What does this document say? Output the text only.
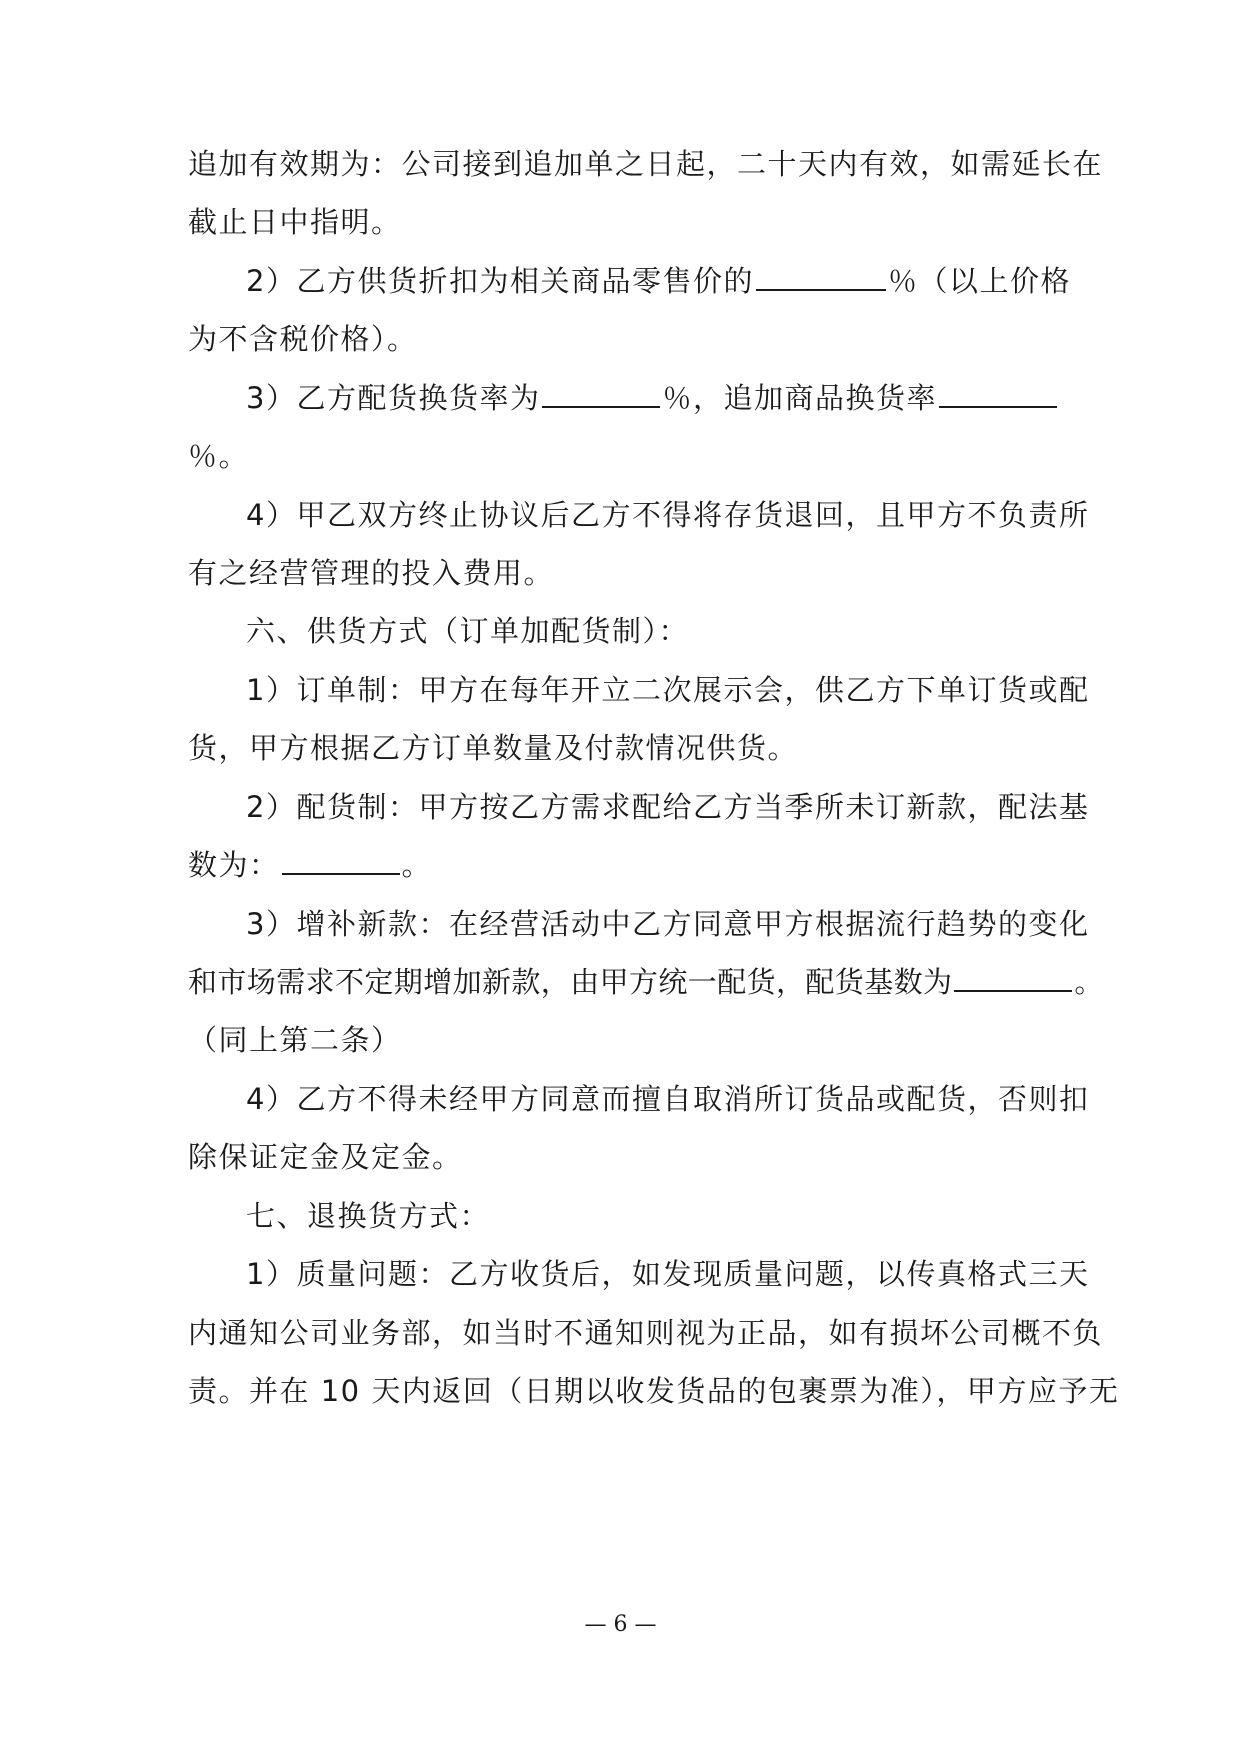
追加有效期为：公司接到追加单之日起，二十天内有效，如需延长在
截止日中指明。
2）乙方供货折扣为相关商品零售价的	％（以上价格
为不含税价格）。
3）乙方配货换货率为	％，追加商品换货率
％。
4）甲乙双方终止协议后乙方不得将存货退回，且甲方不负责所
有之经营管理的投入费用。
六、供货方式（订单加配货制）：
1）订单制：甲方在每年开立二次展示会，供乙方下单订货或配
货，甲方根据乙方订单数量及付款情况供货。
2）配货制：甲方按乙方需求配给乙方当季所未订新款，配法基
数为：	。
3）增补新款：在经营活动中乙方同意甲方根据流行趋势的变化
和市场需求不定期增加新款，由甲方统一配货，配货基数为	。
（同上第二条）
4）乙方不得未经甲方同意而擅自取消所订货品或配货，否则扣
除保证定金及定金。
七、退换货方式：
1）质量问题：乙方收货后，如发现质量问题，以传真格式三天
内通知公司业务部，如当时不通知则视为正品，如有损坏公司概不负
责。并在 10 天内返回（日期以收发货品的包裹票为准），甲方应予无
— 6 —
